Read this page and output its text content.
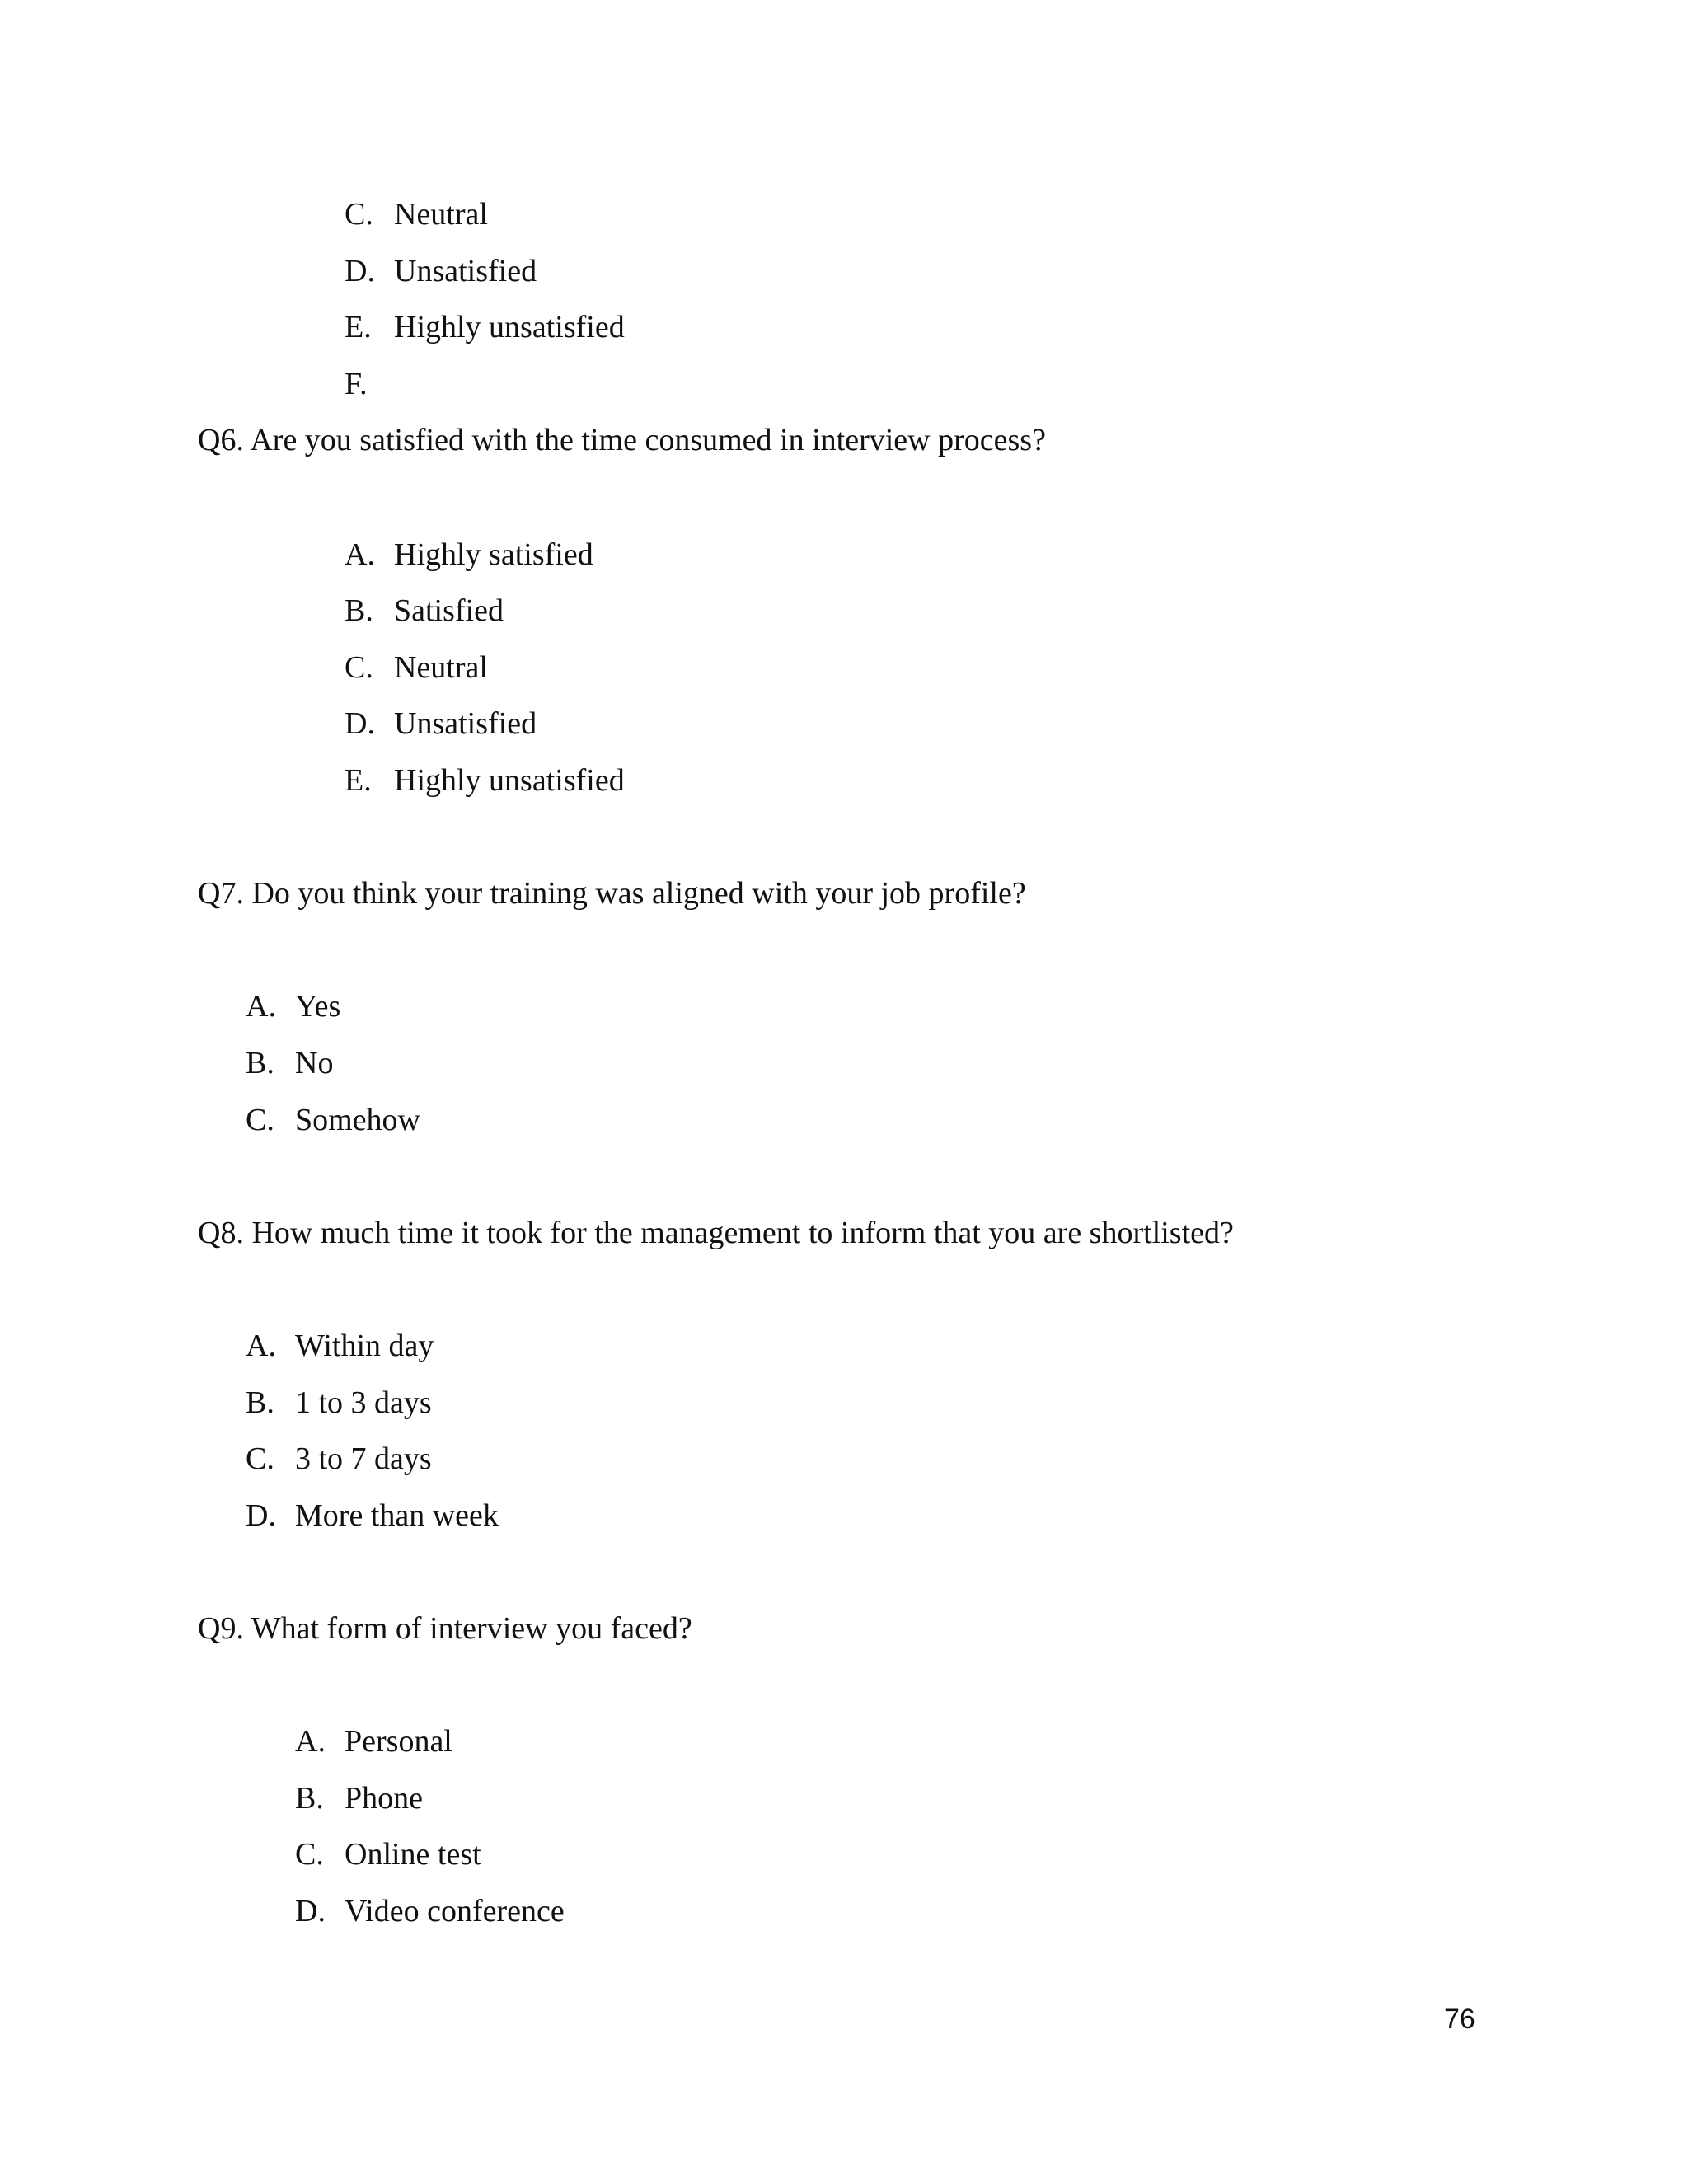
C. Neutral
D. Unsatisfied
E. Highly unsatisfied
F.
Q6. Are you satisfied with the time consumed in interview process?
A. Highly satisfied
B. Satisfied
C. Neutral
D. Unsatisfied
E. Highly unsatisfied
Q7. Do you think your training was aligned with your job profile?
A. Yes
B. No
C. Somehow
Q8. How much time it took for the management to inform that you are shortlisted?
A. Within day
B. 1 to 3 days
C. 3 to 7 days
D. More than week
Q9. What form of interview you faced?
A. Personal
B. Phone
C. Online test
D. Video conference
76
